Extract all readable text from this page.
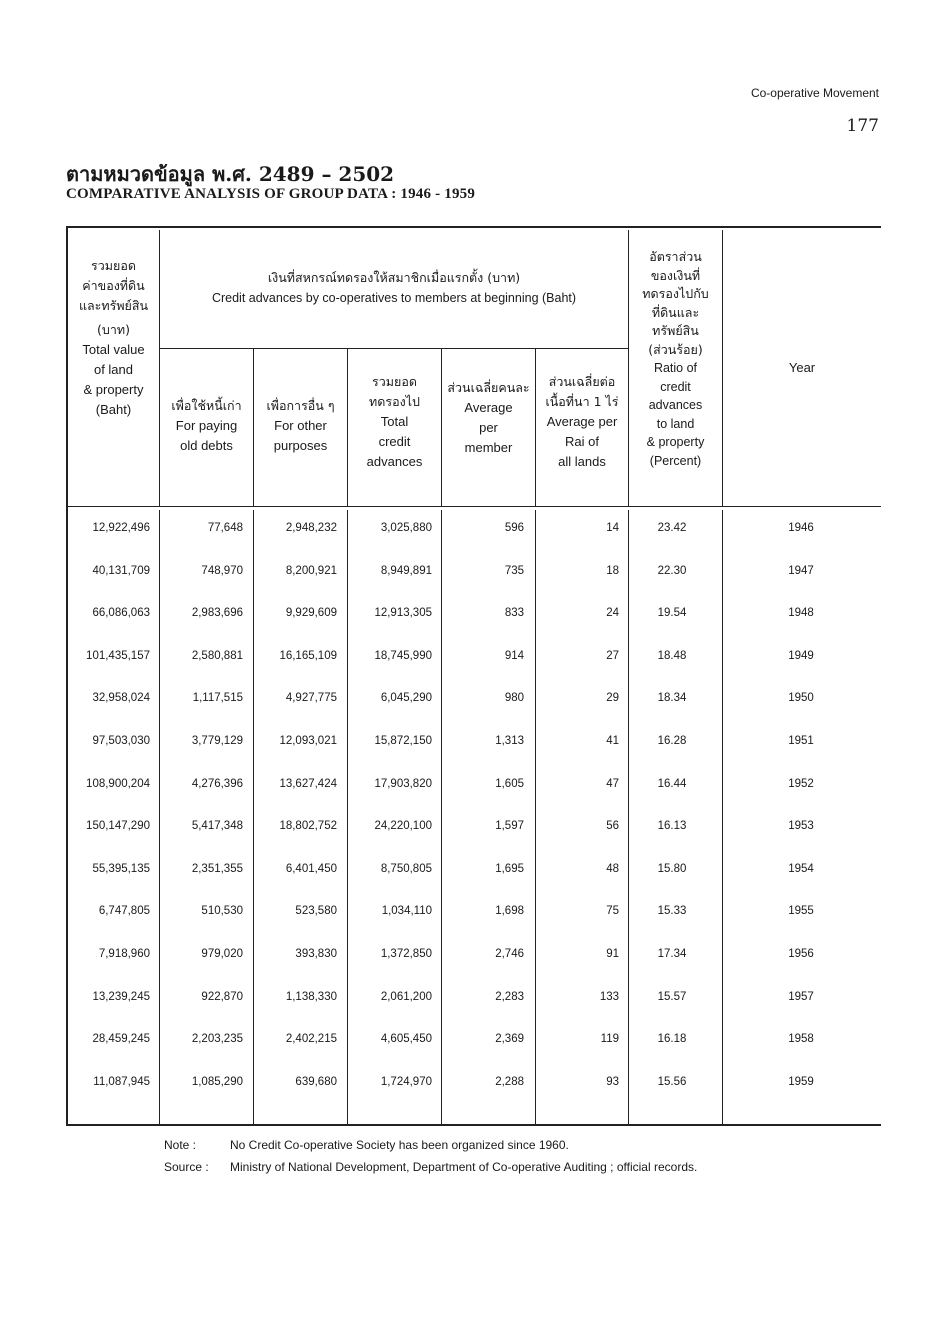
Co-operative Movement
177
ตามหมวดข้อมูล พ.ศ. 2489 – 2502
COMPARATIVE ANALYSIS OF GROUP DATA : 1946 - 1959
รวมยอด
ค่าของที่ดิน
และทรัพย์สิน
(บาท)
Total value
of land
& property
(Baht)
เงินที่สหกรณ์ทดรองให้สมาชิกเมื่อแรกตั้ง (บาท)
Credit advances by co-operatives to members at beginning (Baht)
เพื่อใช้หนี้เก่า
For paying
old debts
เพื่อการอื่น ๆ
For other
purposes
รวมยอด
ทดรองไป
Total
credit
advances
ส่วนเฉลี่ยคนละ
Average
per
member
ส่วนเฉลี่ยต่อ
เนื้อที่นา 1 ไร่
Average per
Rai of
all lands
อัตราส่วน
ของเงินที่
ทดรองไปกับ
ที่ดินและ
ทรัพย์สิน
(ส่วนร้อย)
Ratio of
credit
advances
to land
& property
(Percent)
Year
12,922,496	77,648	2,948,232	3,025,880	596	14	23.42	1946
40,131,709	748,970	8,200,921	8,949,891	735	18	22.30	1947
66,086,063	2,983,696	9,929,609	12,913,305	833	24	19.54	1948
101,435,157	2,580,881	16,165,109	18,745,990	914	27	18.48	1949
32,958,024	1,117,515	4,927,775	6,045,290	980	29	18.34	1950
97,503,030	3,779,129	12,093,021	15,872,150	1,313	41	16.28	1951
108,900,204	4,276,396	13,627,424	17,903,820	1,605	47	16.44	1952
150,147,290	5,417,348	18,802,752	24,220,100	1,597	56	16.13	1953
55,395,135	2,351,355	6,401,450	8,750,805	1,695	48	15.80	1954
6,747,805	510,530	523,580	1,034,110	1,698	75	15.33	1955
7,918,960	979,020	393,830	1,372,850	2,746	91	17.34	1956
13,239,245	922,870	1,138,330	2,061,200	2,283	133	15.57	1957
28,459,245	2,203,235	2,402,215	4,605,450	2,369	119	16.18	1958
11,087,945	1,085,290	639,680	1,724,970	2,288	93	15.56	1959
Note :	No Credit Co-operative Society has been organized since 1960.
Source :	Ministry of National Development, Department of Co-operative Auditing ; official records.
